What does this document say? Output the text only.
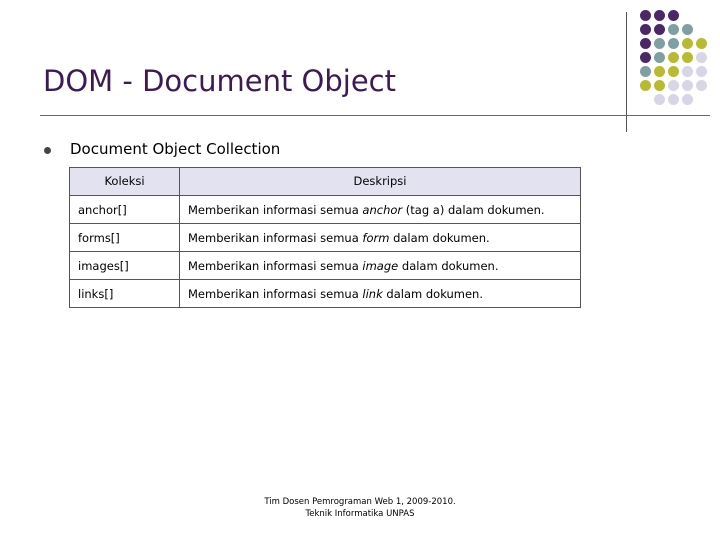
DOM - Document Object
Document Object Collection
Koleksi	Deskripsi
anchor[]	Memberikan informasi semua anchor (tag a) dalam dokumen.
forms[]	Memberikan informasi semua form dalam dokumen.
images[]	Memberikan informasi semua image dalam dokumen.
links[]	Memberikan informasi semua link dalam dokumen.
Tim Dosen Pemrograman Web 1, 2009-2010.
Teknik Informatika UNPAS
